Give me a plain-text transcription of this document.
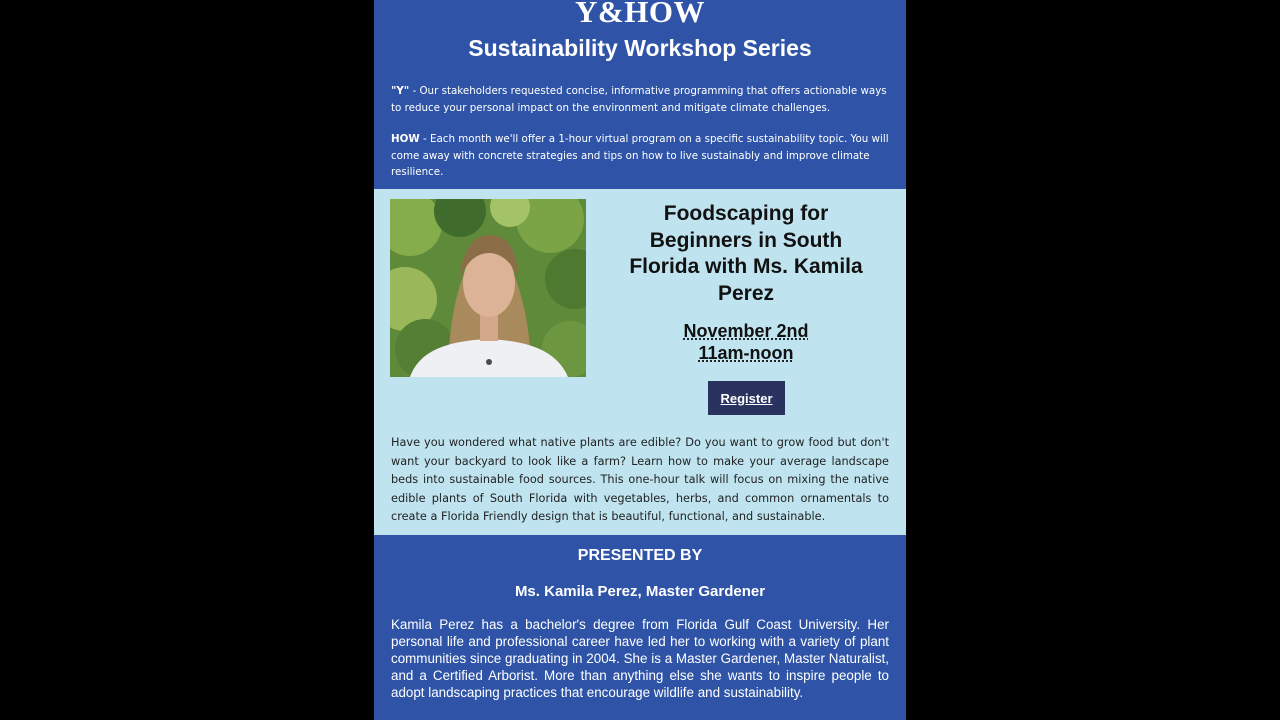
Y&HOW
Sustainability Workshop Series

"Y" - Our stakeholders requested concise, informative programming that offers actionable ways to reduce your personal impact on the environment and mitigate climate challenges.

HOW - Each month we'll offer a 1-hour virtual program on a specific sustainability topic. You will come away with concrete strategies and tips on how to live sustainably and improve climate resilience.

Foodscaping for Beginners in South Florida with Ms. Kamila Perez
November 2nd
11am-noon
Register

Have you wondered what native plants are edible? Do you want to grow food but don't want your backyard to look like a farm? Learn how to make your average landscape beds into sustainable food sources. This one-hour talk will focus on mixing the native edible plants of South Florida with vegetables, herbs, and common ornamentals to create a Florida Friendly design that is beautiful, functional, and sustainable.

PRESENTED BY
Ms. Kamila Perez, Master Gardener

Kamila Perez has a bachelor's degree from Florida Gulf Coast University. Her personal life and professional career have led her to working with a variety of plant communities since graduating in 2004. She is a Master Gardener, Master Naturalist, and a Certified Arborist. More than anything else she wants to inspire people to adopt landscaping practices that encourage wildlife and sustainability.
